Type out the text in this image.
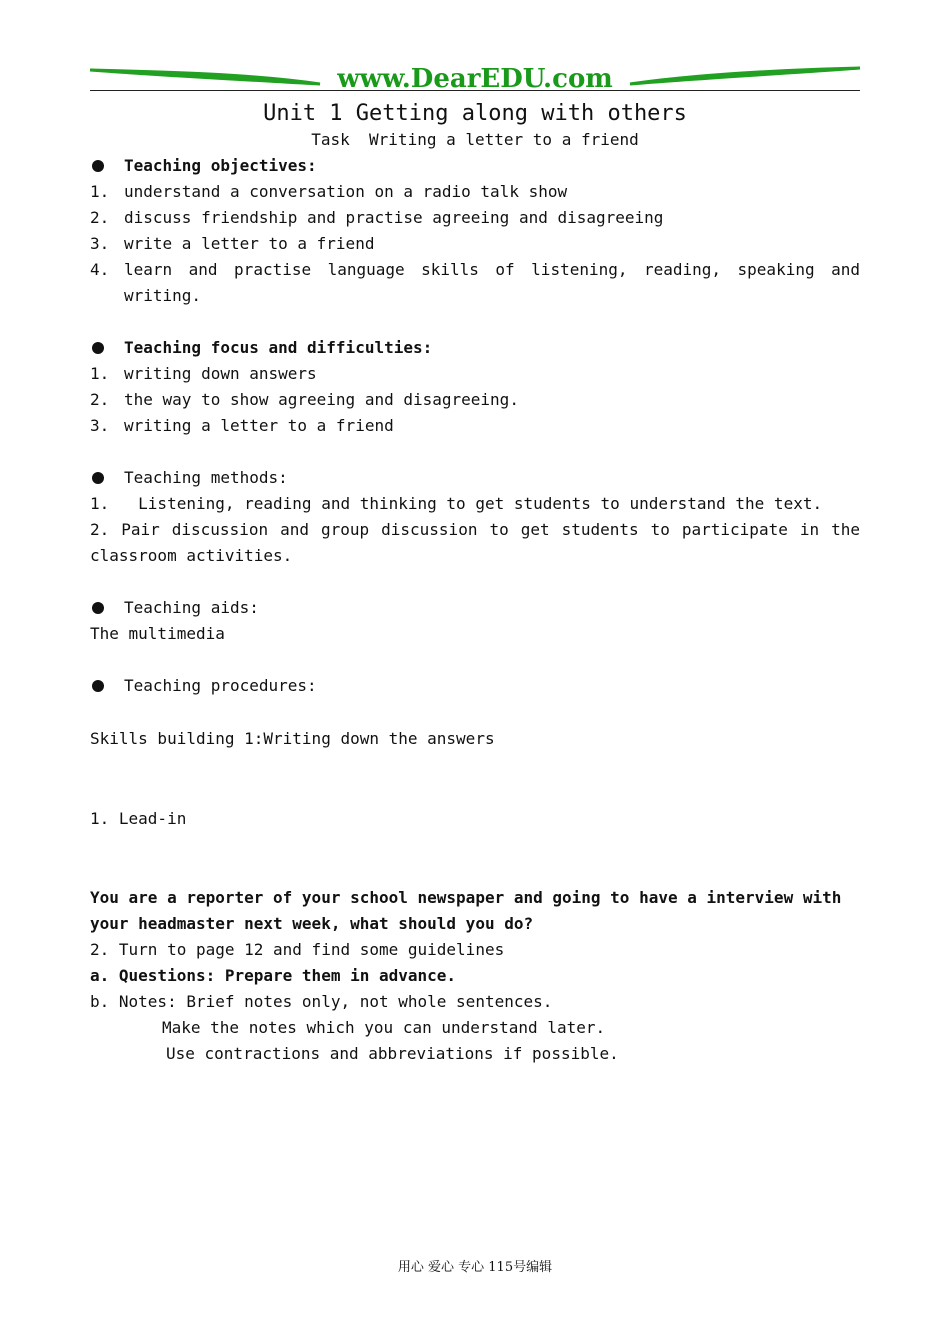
www.DearEDU.com
Unit 1 Getting along with others
Task  Writing a letter to a friend
Teaching objectives:
1. understand a conversation on a radio talk show
2. discuss friendship and practise agreeing and disagreeing
3. write a letter to a friend
4. learn and practise language skills of listening, reading, speaking and
writing.
Teaching focus and difficulties:
1. writing down answers
2. the way to show agreeing and disagreeing.
3. writing a letter to a friend
Teaching methods:
1.   Listening, reading and thinking to get students to understand the text.
2. Pair discussion and group discussion to get students to participate in the
classroom activities.
Teaching aids:
The multimedia
Teaching procedures:
Skills building 1:Writing down the answers
1. Lead-in
You are a reporter of your school newspaper and going to have a interview with
your headmaster next week, what should you do?
2. Turn to page 12 and find some guidelines
a. Questions: Prepare them in advance.
b. Notes: Brief notes only, not whole sentences.
Make the notes which you can understand later.
Use contractions and abbreviations if possible.
用心 爱心 专心 115号编辑
